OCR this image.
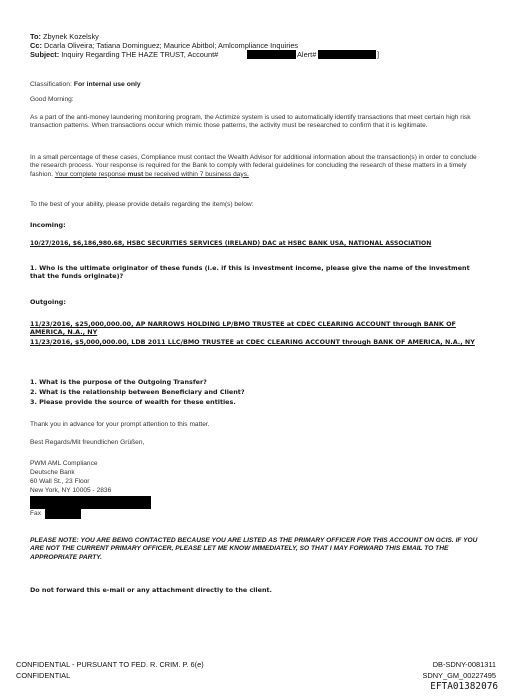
To: Zbynek Kozelsky
Cc: Dcarla Oliveira; Tatiana Dominguez; Maurice Abitbol; Amlcompliance Inquiries
Subject: Inquiry Regarding THE HAZE TRUST, Account#	Alert#	]
Classification: For internal use only
Good Morning:
As a part of the anti-money laundering monitoring program, the Actimize system is used to automatically identify transactions that meet certain high risk transaction patterns. When transactions occur which mimic those patterns, the activity must be researched to confirm that it is legitimate.
In a small percentage of these cases, Compliance must contact the Wealth Advisor for additional information about the transaction(s) in order to conclude the research process. Your response is required for the Bank to comply with federal guidelines for concluding the research of these matters in a timely fashion. Your complete response must be received within 7 business days.
To the best of your ability, please provide details regarding the item(s) below:
Incoming:
10/27/2016, $6,186,980.68, HSBC SECURITIES SERVICES (IRELAND) DAC at HSBC BANK USA, NATIONAL ASSOCIATION
1. Who is the ultimate originator of these funds (i.e. if this is investment income, please give the name of the investment that the funds originate)?
Outgoing:
11/23/2016, $25,000,000.00, AP NARROWS HOLDING LP/BMO TRUSTEE at CDEC CLEARING ACCOUNT through BANK OF AMERICA, N.A., NY
11/23/2016, $5,000,000.00, LDB 2011 LLC/BMO TRUSTEE at CDEC CLEARING ACCOUNT through BANK OF AMERICA, N.A., NY
1. What is the purpose of the Outgoing Transfer?
2. What is the relationship between Beneficiary and Client?
3. Please provide the source of wealth for these entities.
Thank you in advance for your prompt attention to this matter.
Best Regards/Mit freundlichen Grüßen,
PWM AML Compliance
Deutsche Bank
60 Wall St., 23 Floor
New York, NY 10005 - 2836
Fax
PLEASE NOTE: YOU ARE BEING CONTACTED BECAUSE YOU ARE LISTED AS THE PRIMARY OFFICER FOR THIS ACCOUNT ON GCIS. IF YOU ARE NOT THE CURRENT PRIMARY OFFICER, PLEASE LET ME KNOW IMMEDIATELY, SO THAT I MAY FORWARD THIS EMAIL TO THE APPROPRIATE PARTY.
Do not forward this e-mail or any attachment directly to the client.
CONFIDENTIAL - PURSUANT TO FED. R. CRIM. P. 6(e)
CONFIDENTIAL
DB-SDNY-0081311
SDNY_GM_00227495
EFTA01382076
